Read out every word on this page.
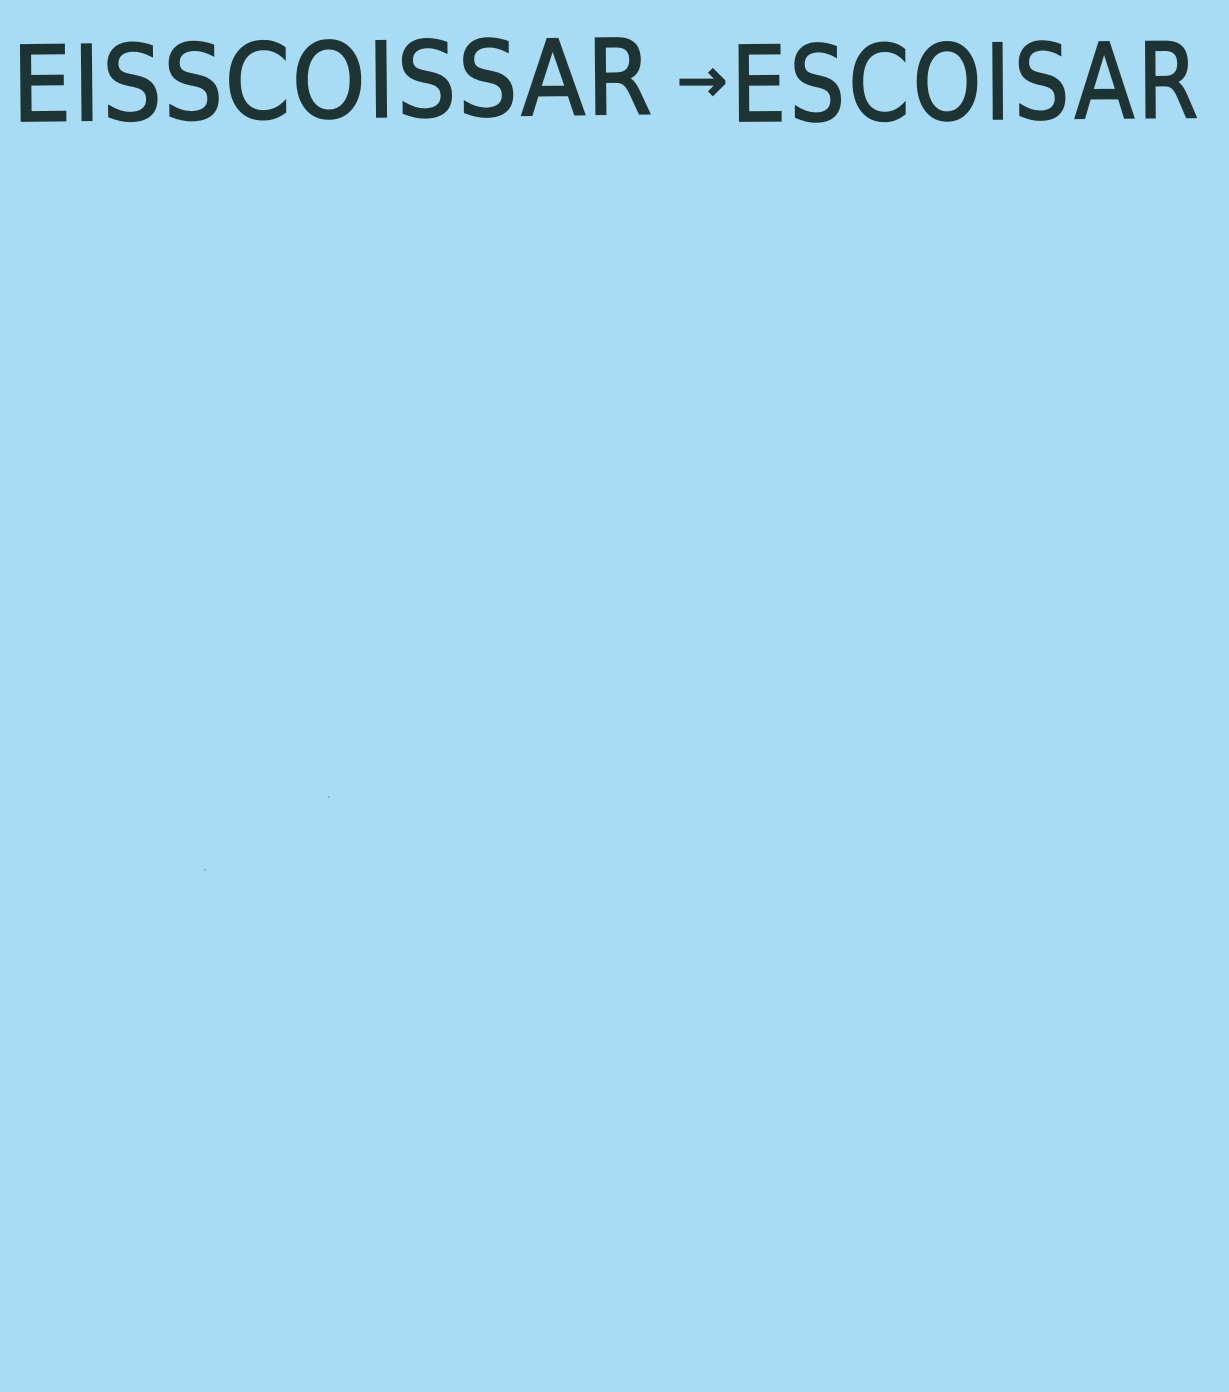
EISSCOISSAR → ESCOISAR
